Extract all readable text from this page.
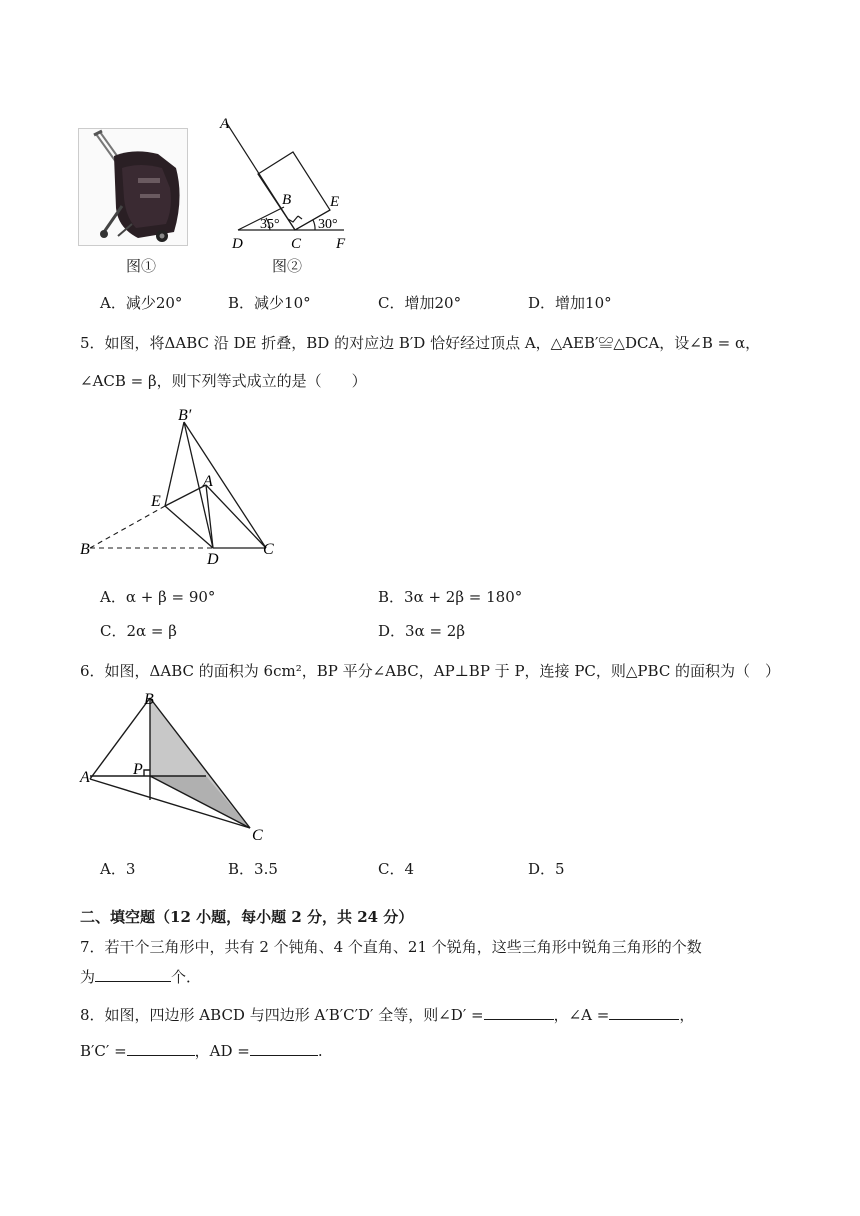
A
B	E
D	C F
35°	30°
图①	图②
A．减少20°	B．减少10°	C．增加20°	D．增加10°
5．如图，将ΔABC 沿 DE 折叠，BD 的对应边 B′D 恰好经过顶点 A，△AEB′≌△DCA，设∠B = α，
∠ACB = β，则下列等式成立的是（　　）
B′
A
E
B
D
C
A．α + β = 90°	B．3α + 2β = 180°
C．2α = β	D．3α = 2β
6．如图，ΔABC 的面积为 6cm²，BP 平分∠ABC，AP⊥BP 于 P，连接 PC，则△PBC 的面积为（　）
B
A	P
C
A．3	B．3.5	C．4	D．5
二、填空题（12 小题，每小题 2 分，共 24 分）
7．若干个三角形中，共有 2 个钝角、4 个直角、21 个锐角，这些三角形中锐角三角形的个数
为	个．
8．如图，四边形 ABCD 与四边形 A′B′C′D′ 全等，则∠D′ =	，∠A =	，
B′C′ =	，AD =	.
